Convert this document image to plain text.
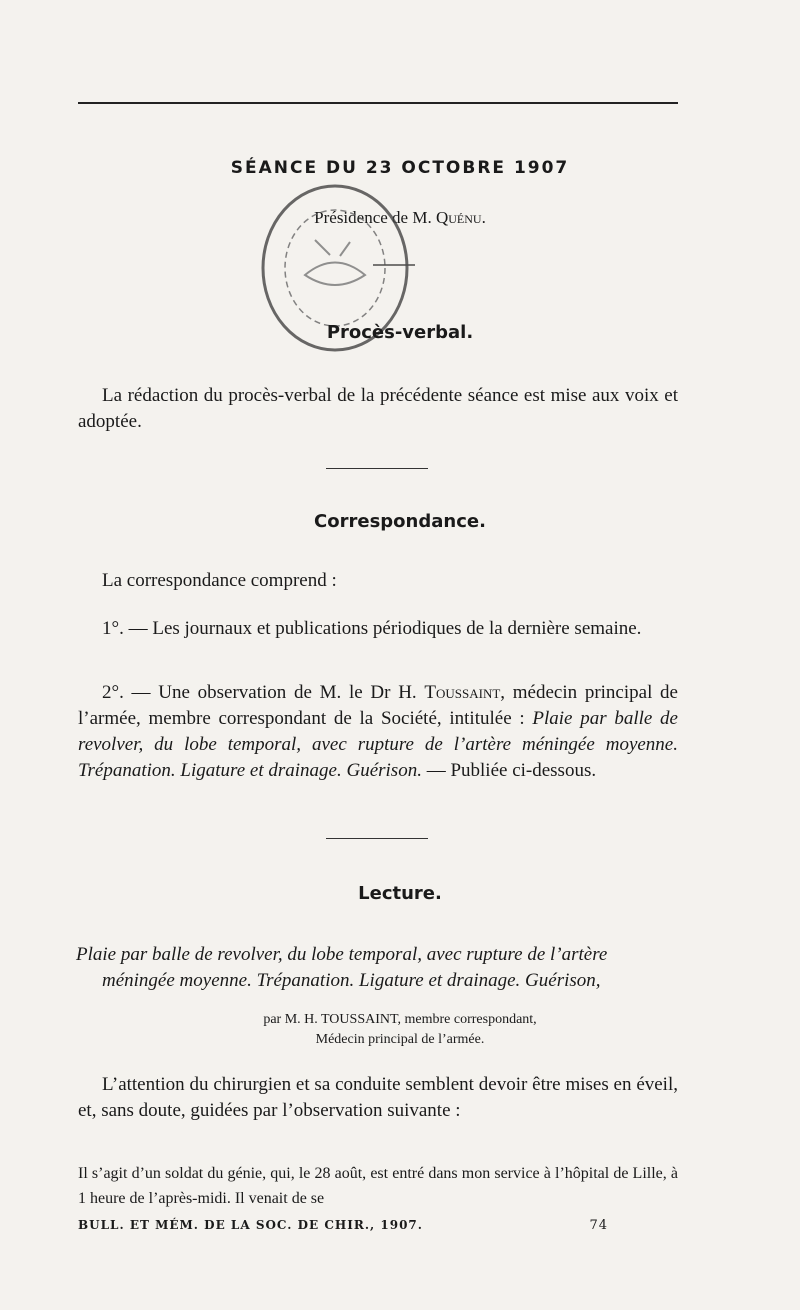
SÉANCE DU 23 OCTOBRE 1907
Présidence de M. Quénu.
Procès-verbal.
La rédaction du procès-verbal de la précédente séance est mise aux voix et adoptée.
Correspondance.
La correspondance comprend :
1°. — Les journaux et publications périodiques de la dernière semaine.
2°. — Une observation de M. le Dr H. Toussaint, médecin principal de l’armée, membre correspondant de la Société, intitulée : Plaie par balle de revolver, du lobe temporal, avec rupture de l’artère méningée moyenne. Trépanation. Ligature et drainage. Guérison. — Publiée ci-dessous.
Lecture.
Plaie par balle de revolver, du lobe temporal, avec rupture de l’artère
méningée moyenne. Trépanation. Ligature et drainage. Guérison,
par M. H. TOUSSAINT, membre correspondant,
Médecin principal de l’armée.
L’attention du chirurgien et sa conduite semblent devoir être mises en éveil, et, sans doute, guidées par l’observation suivante :
Il s’agit d’un soldat du génie, qui, le 28 août, est entré dans mon service à l’hôpital de Lille, à 1 heure de l’après-midi. Il venait de se
BULL. ET MÉM. DE LA SOC. DE CHIR., 1907.	74
